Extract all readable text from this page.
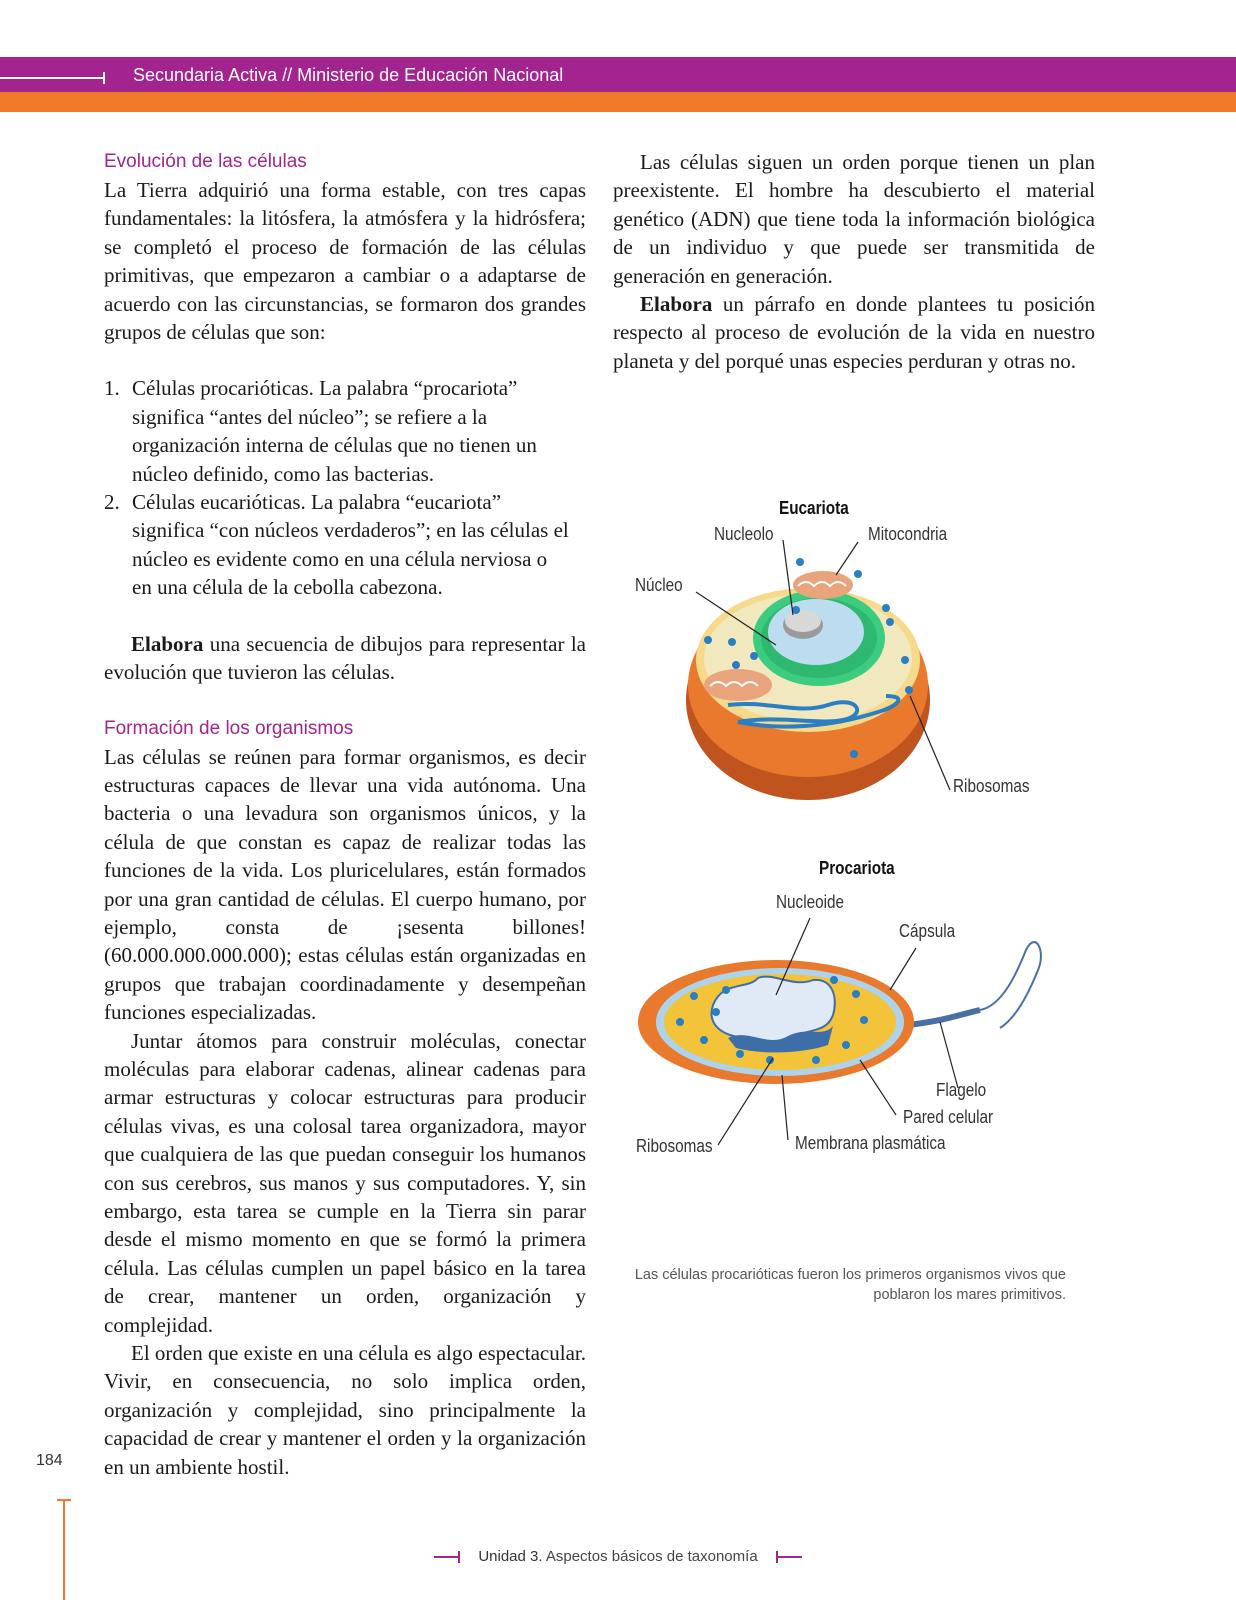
Secundaria Activa // Ministerio de Educación Nacional

Evolución de las células

La Tierra adquirió una forma estable, con tres capas fundamentales: la litósfera, la atmósfera y la hidrósfera; se completó el proceso de formación de las células primitivas, que empezaron a cambiar o a adaptarse de acuerdo con las circunstancias, se formaron dos grandes grupos de células que son:

1. Células procarióticas. La palabra “procariota” significa “antes del núcleo”; se refiere a la organización interna de células que no tienen un núcleo definido, como las bacterias.
2. Células eucarióticas. La palabra “eucariota” significa “con núcleos verdaderos”; en las células el núcleo es evidente como en una célula nerviosa o en una célula de la cebolla cabezona.

Elabora una secuencia de dibujos para representar la evolución que tuvieron las células.

Formación de los organismos

Las células se reúnen para formar organismos, es decir estructuras capaces de llevar una vida autónoma. Una bacteria o una levadura son organismos únicos, y la célula de que constan es capaz de realizar todas las funciones de la vida. Los pluricelulares, están formados por una gran cantidad de células. El cuerpo humano, por ejemplo, consta de ¡sesenta billones! (60.000.000.000.000); estas células están organizadas en grupos que trabajan coordinadamente y desempeñan funciones especializadas.

Juntar átomos para construir moléculas, conectar moléculas para elaborar cadenas, alinear cadenas para armar estructuras y colocar estructuras para producir células vivas, es una colosal tarea organizadora, mayor que cualquiera de las que puedan conseguir los humanos con sus cerebros, sus manos y sus computadores. Y, sin embargo, esta tarea se cumple en la Tierra sin parar desde el mismo momento en que se formó la primera célula. Las células cumplen un papel básico en la tarea de crear, mantener un orden, organización y complejidad.

El orden que existe en una célula es algo espectacular. Vivir, en consecuencia, no solo implica orden, organización y complejidad, sino principalmente la capacidad de crear y mantener el orden y la organización en un ambiente hostil.

Las células siguen un orden porque tienen un plan preexistente. El hombre ha descubierto el material genético (ADN) que tiene toda la información biológica de un individuo y que puede ser transmitida de generación en generación.

Elabora un párrafo en donde plantees tu posición respecto al proceso de evolución de la vida en nuestro planeta y del porqué unas especies perduran y otras no.

Eucariota
Nucleolo	Mitocondria
Núcleo
Ribosomas
Procariota
Nucleoide
Cápsula
Flagelo
Pared celular
Membrana plasmática
Ribosomas
Las células procarióticas fueron los primeros organismos vivos que poblaron los mares primitivos.
184
Unidad 3. Aspectos básicos de taxonomía
